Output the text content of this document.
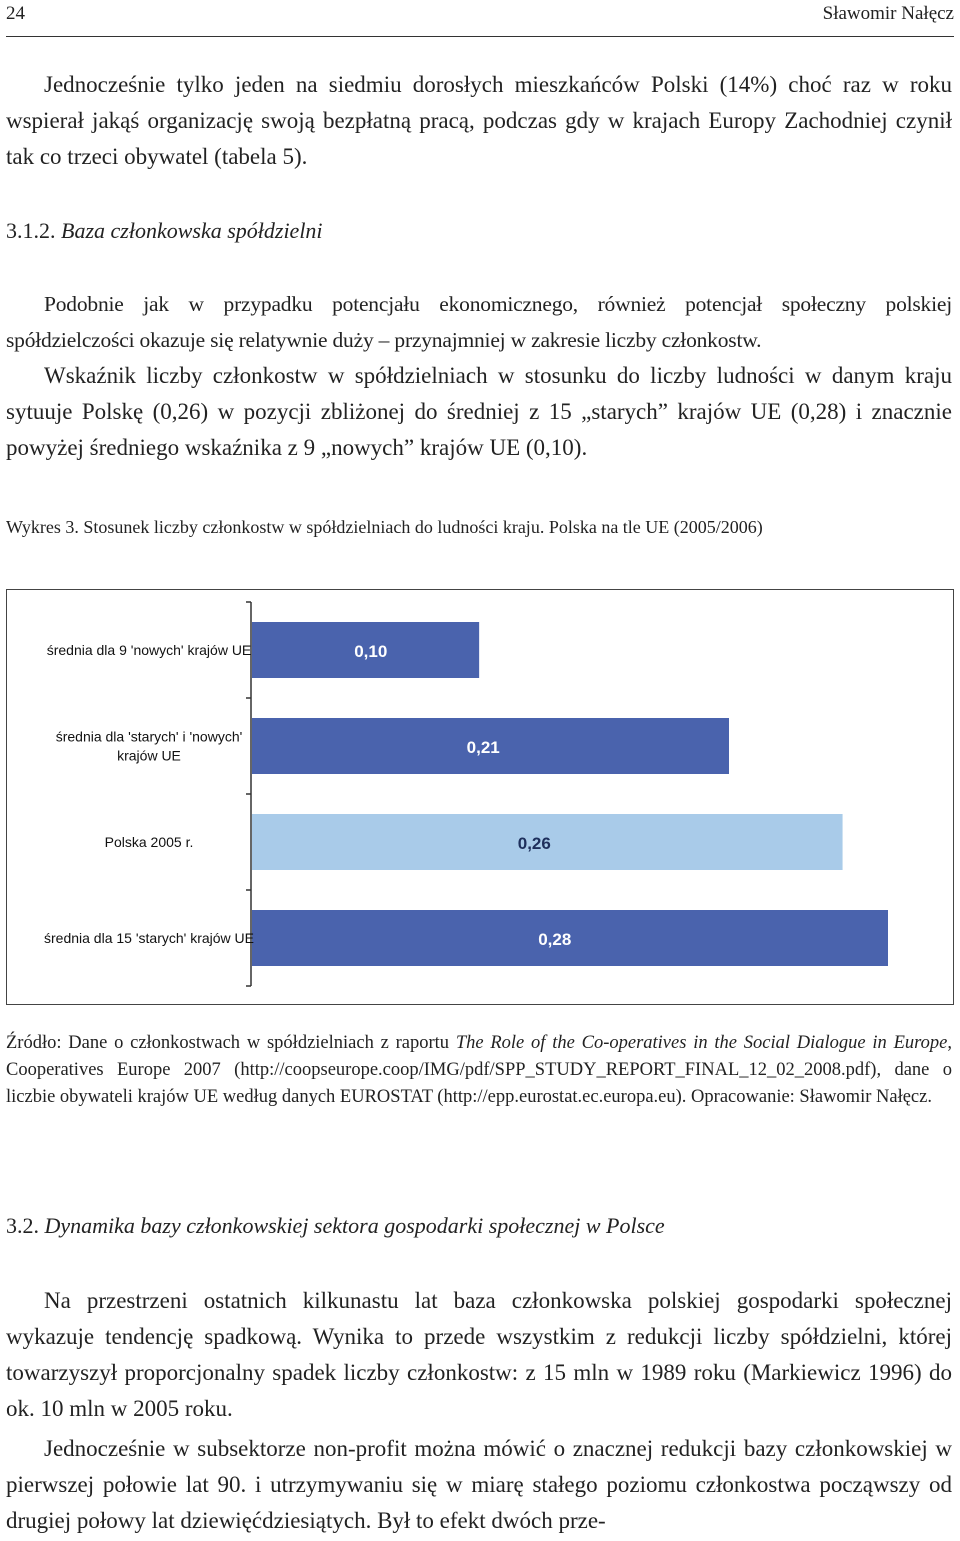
24	Sławomir Nałęcz

Jednocześnie tylko jeden na siedmiu dorosłych mieszkańców Polski (14%) choć raz w roku wspierał jakąś organizację swoją bezpłatną pracą, podczas gdy w krajach Europy Zachodniej czynił tak co trzeci obywatel (tabela 5).

3.1.2. Baza członkowska spółdzielni

Podobnie jak w przypadku potencjału ekonomicznego, również potencjał społeczny polskiej spółdzielczości okazuje się relatywnie duży – przynajmniej w zakresie liczby członkostw.

Wskaźnik liczby członkostw w spółdzielniach w stosunku do liczby ludności w danym kraju sytuuje Polskę (0,26) w pozycji zbliżonej do średniej z 15 „starych” krajów UE (0,28) i znacznie powyżej średniego wskaźnika z 9 „nowych” krajów UE (0,10).

Wykres 3. Stosunek liczby członkostw w spółdzielniach do ludności kraju. Polska na tle UE (2005/2006)

0,10
średnia dla 9 'nowych' krajów UE
0,21
średnia dla 'starych' i 'nowych'
krajów UE
0,26
Polska 2005 r.
0,28
średnia dla 15 'starych' krajów UE

Źródło: Dane o członkostwach w spółdzielniach z raportu The Role of the Co-operatives in the Social Dialogue in Europe, Cooperatives Europe 2007 (http://coopseurope.coop/IMG/pdf/SPP_STUDY_REPORT_FINAL_12_02_2008.pdf), dane o liczbie obywateli krajów UE według danych EUROSTAT (http://epp.eurostat.ec.europa.eu). Opracowanie: Sławomir Nałęcz.

3.2. Dynamika bazy członkowskiej sektora gospodarki społecznej w Polsce

Na przestrzeni ostatnich kilkunastu lat baza członkowska polskiej gospodarki społecznej wykazuje tendencję spadkową. Wynika to przede wszystkim z redukcji liczby spółdzielni, której towarzyszył proporcjonalny spadek liczby członkostw: z 15 mln w 1989 roku (Markiewicz 1996) do ok. 10 mln w 2005 roku.

Jednocześnie w subsektorze non-profit można mówić o znacznej redukcji bazy członkowskiej w pierwszej połowie lat 90. i utrzymywaniu się w miarę stałego poziomu członkostwa począwszy od drugiej połowy lat dziewięćdziesiątych. Był to efekt dwóch prze-
